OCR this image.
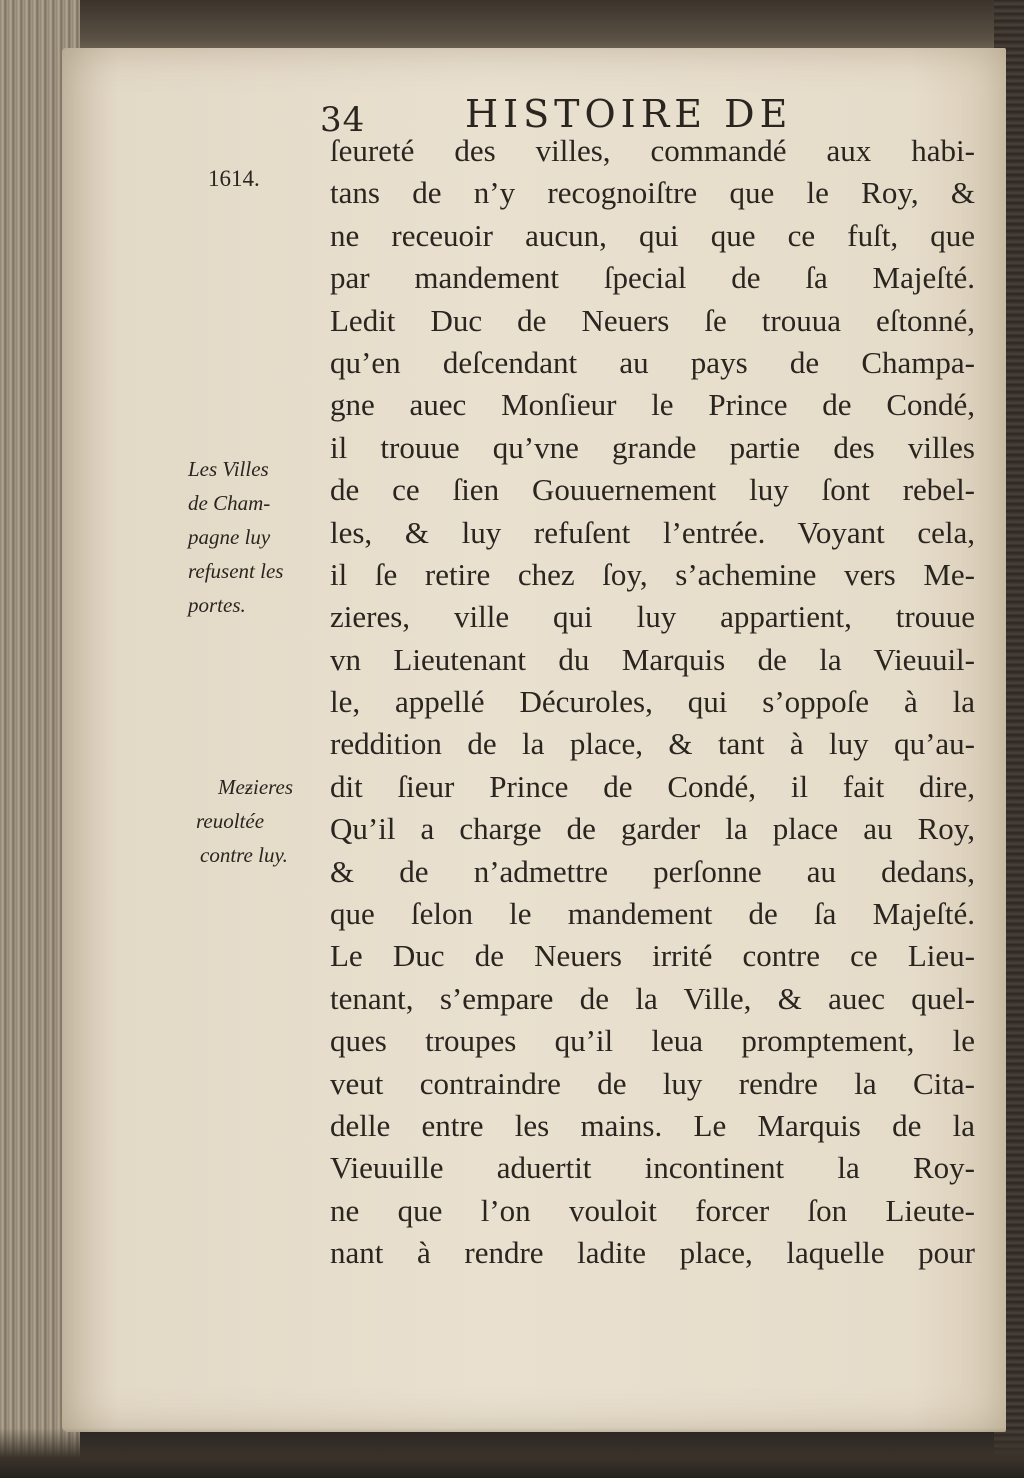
34	HISTOIRE DE
1614.
Les Villes
de Cham-
pagne luy
refusent les
portes.
Meƶieres
reuoltée
contre luy.
ſeureté des villes, commandé aux habi-
tans de n’y recognoiſtre que le Roy, &
ne receuoir aucun, qui que ce fuſt, que
par mandement ſpecial de ſa Majeſté.
Ledit Duc de Neuers ſe trouua eſtonné,
qu’en deſcendant au pays de Champa-
gne auec Monſieur le Prince de Condé,
il trouue qu’vne grande partie des villes
de ce ſien Gouuernement luy ſont rebel-
les, & luy refuſent l’entrée. Voyant cela,
il ſe retire chez ſoy, s’achemine vers Me-
zieres, ville qui luy appartient, trouue
vn Lieutenant du Marquis de la Vieuuil-
le, appellé Décuroles, qui s’oppoſe à la
reddition de la place, & tant à luy qu’au-
dit ſieur Prince de Condé, il fait dire,
Qu’il a charge de garder la place au Roy,
& de n’admettre perſonne au dedans,
que ſelon le mandement de ſa Majeſté.
Le Duc de Neuers irrité contre ce Lieu-
tenant, s’empare de la Ville, & auec quel-
ques troupes qu’il leua promptement, le
veut contraindre de luy rendre la Cita-
delle entre les mains. Le Marquis de la
Vieuuille aduertit incontinent la Roy-
ne que l’on vouloit forcer ſon Lieute-
nant à rendre ladite place, laquelle pour
